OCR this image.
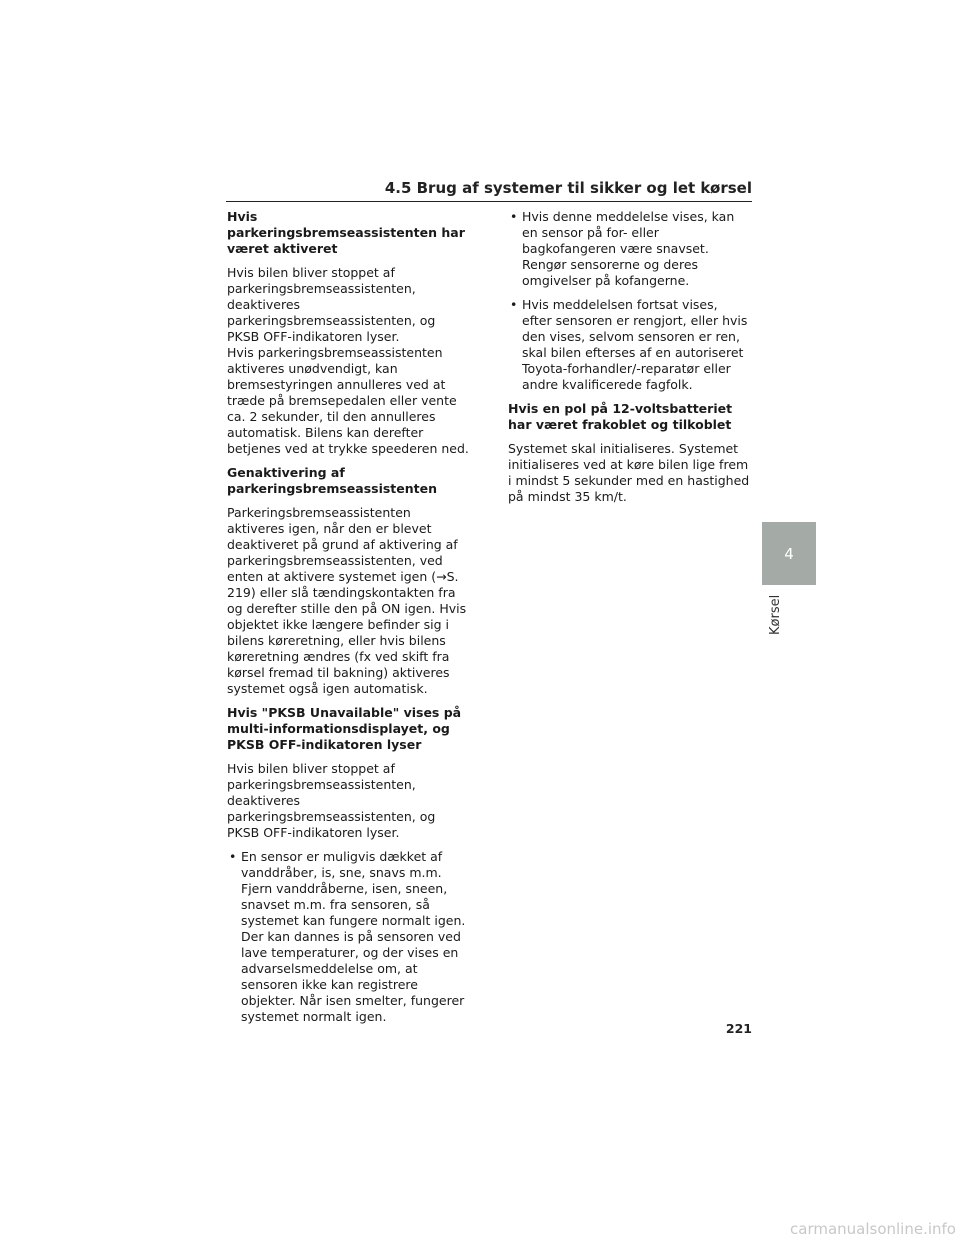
4.5 Brug af systemer til sikker og let kørsel
Hvis parkeringsbremseassistenten har været aktiveret

Hvis bilen bliver stoppet af parkeringsbremseassistenten, deaktiveres parkeringsbremseassistenten, og PKSB OFF-indikatoren lyser.

Hvis parkeringsbremseassistenten aktiveres unødvendigt, kan bremsestyringen annulleres ved at træde på bremsepedalen eller vente ca. 2 sekunder, til den annulleres automatisk. Bilens kan derefter betjenes ved at trykke speederen ned.

Genaktivering af parkeringsbremseassistenten

Parkeringsbremseassistenten aktiveres igen, når den er blevet deaktiveret på grund af aktivering af parkeringsbremseassistenten, ved enten at aktivere systemet igen (→S. 219) eller slå tændingskontakten fra og derefter stille den på ON igen. Hvis objektet ikke længere befinder sig i bilens køreretning, eller hvis bilens køreretning ændres (fx ved skift fra kørsel fremad til bakning) aktiveres systemet også igen automatisk.

Hvis "PKSB Unavailable" vises på multi-informationsdisplayet, og PKSB OFF-indikatoren lyser

Hvis bilen bliver stoppet af parkeringsbremseassistenten, deaktiveres parkeringsbremseassistenten, og PKSB OFF-indikatoren lyser.

• En sensor er muligvis dækket af vanddråber, is, sne, snavs m.m. Fjern vanddråberne, isen, sneen, snavset m.m. fra sensoren, så systemet kan fungere normalt igen. Der kan dannes is på sensoren ved lave temperaturer, og der vises en advarselsmeddelelse om, at sensoren ikke kan registrere objekter. Når isen smelter, fungerer systemet normalt igen.
• Hvis denne meddelelse vises, kan en sensor på for- eller bagkofangeren være snavset. Rengør sensorerne og deres omgivelser på kofangerne.
• Hvis meddelelsen fortsat vises, efter sensoren er rengjort, eller hvis den vises, selvom sensoren er ren, skal bilen efterses af en autoriseret Toyota-forhandler/-reparatør eller andre kvalificerede fagfolk.
Hvis en pol på 12-voltsbatteriet har været frakoblet og tilkoblet

Systemet skal initialiseres. Systemet initialiseres ved at køre bilen lige frem i mindst 5 sekunder med en hastighed på mindst 35 km/t.

4
Kørsel
221
carmanualsonline.info
